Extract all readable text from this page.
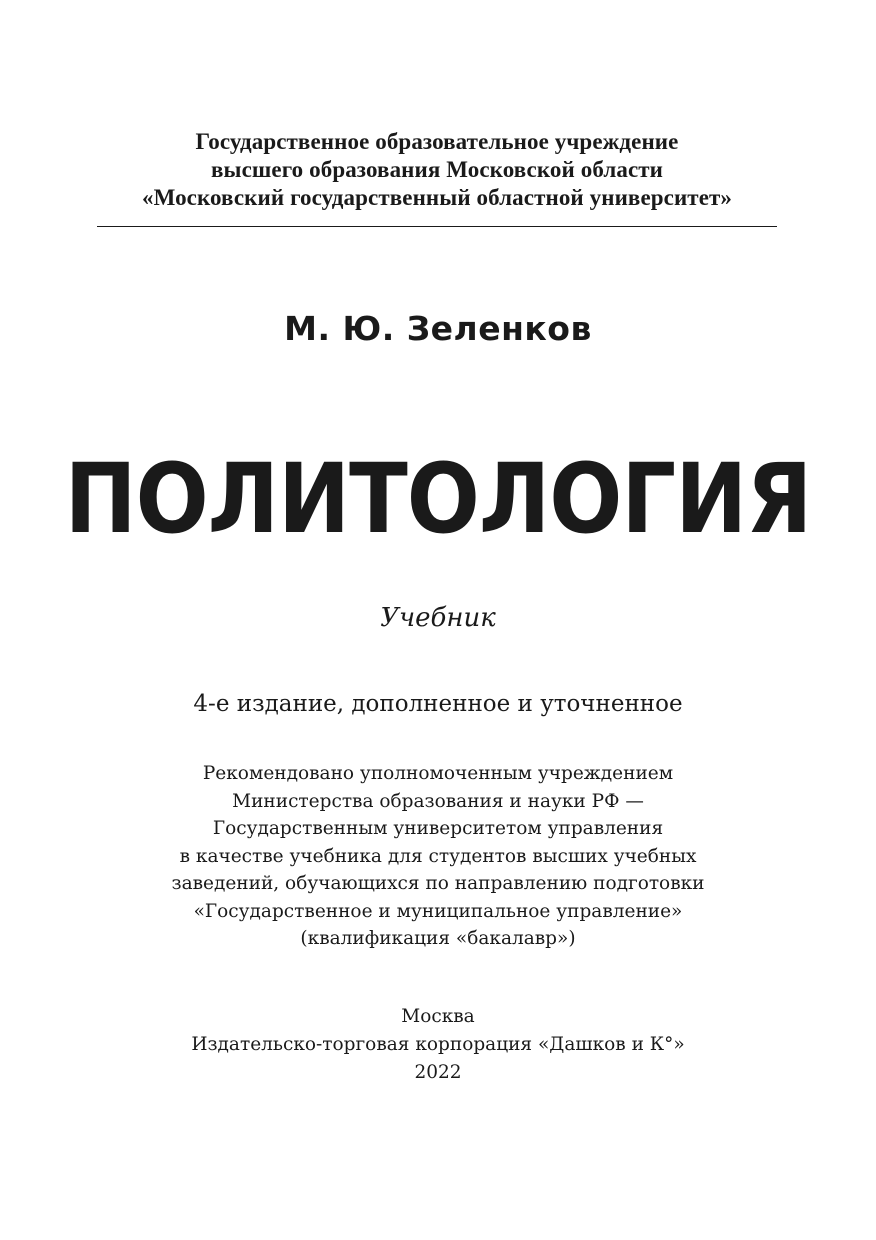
Государственное образовательное учреждение
высшего образования Московской области
«Московский государственный областной университет»
М. Ю. Зеленков
ПОЛИТОЛОГИЯ
Учебник
4-е издание, дополненное и уточненное
Рекомендовано уполномоченным учреждением
Министерства образования и науки РФ —
Государственным университетом управления
в качестве учебника для студентов высших учебных
заведений, обучающихся по направлению подготовки
«Государственное и муниципальное управление»
(квалификация «бакалавр»)
Москва
Издательско-торговая корпорация «Дашков и К°»
2022
